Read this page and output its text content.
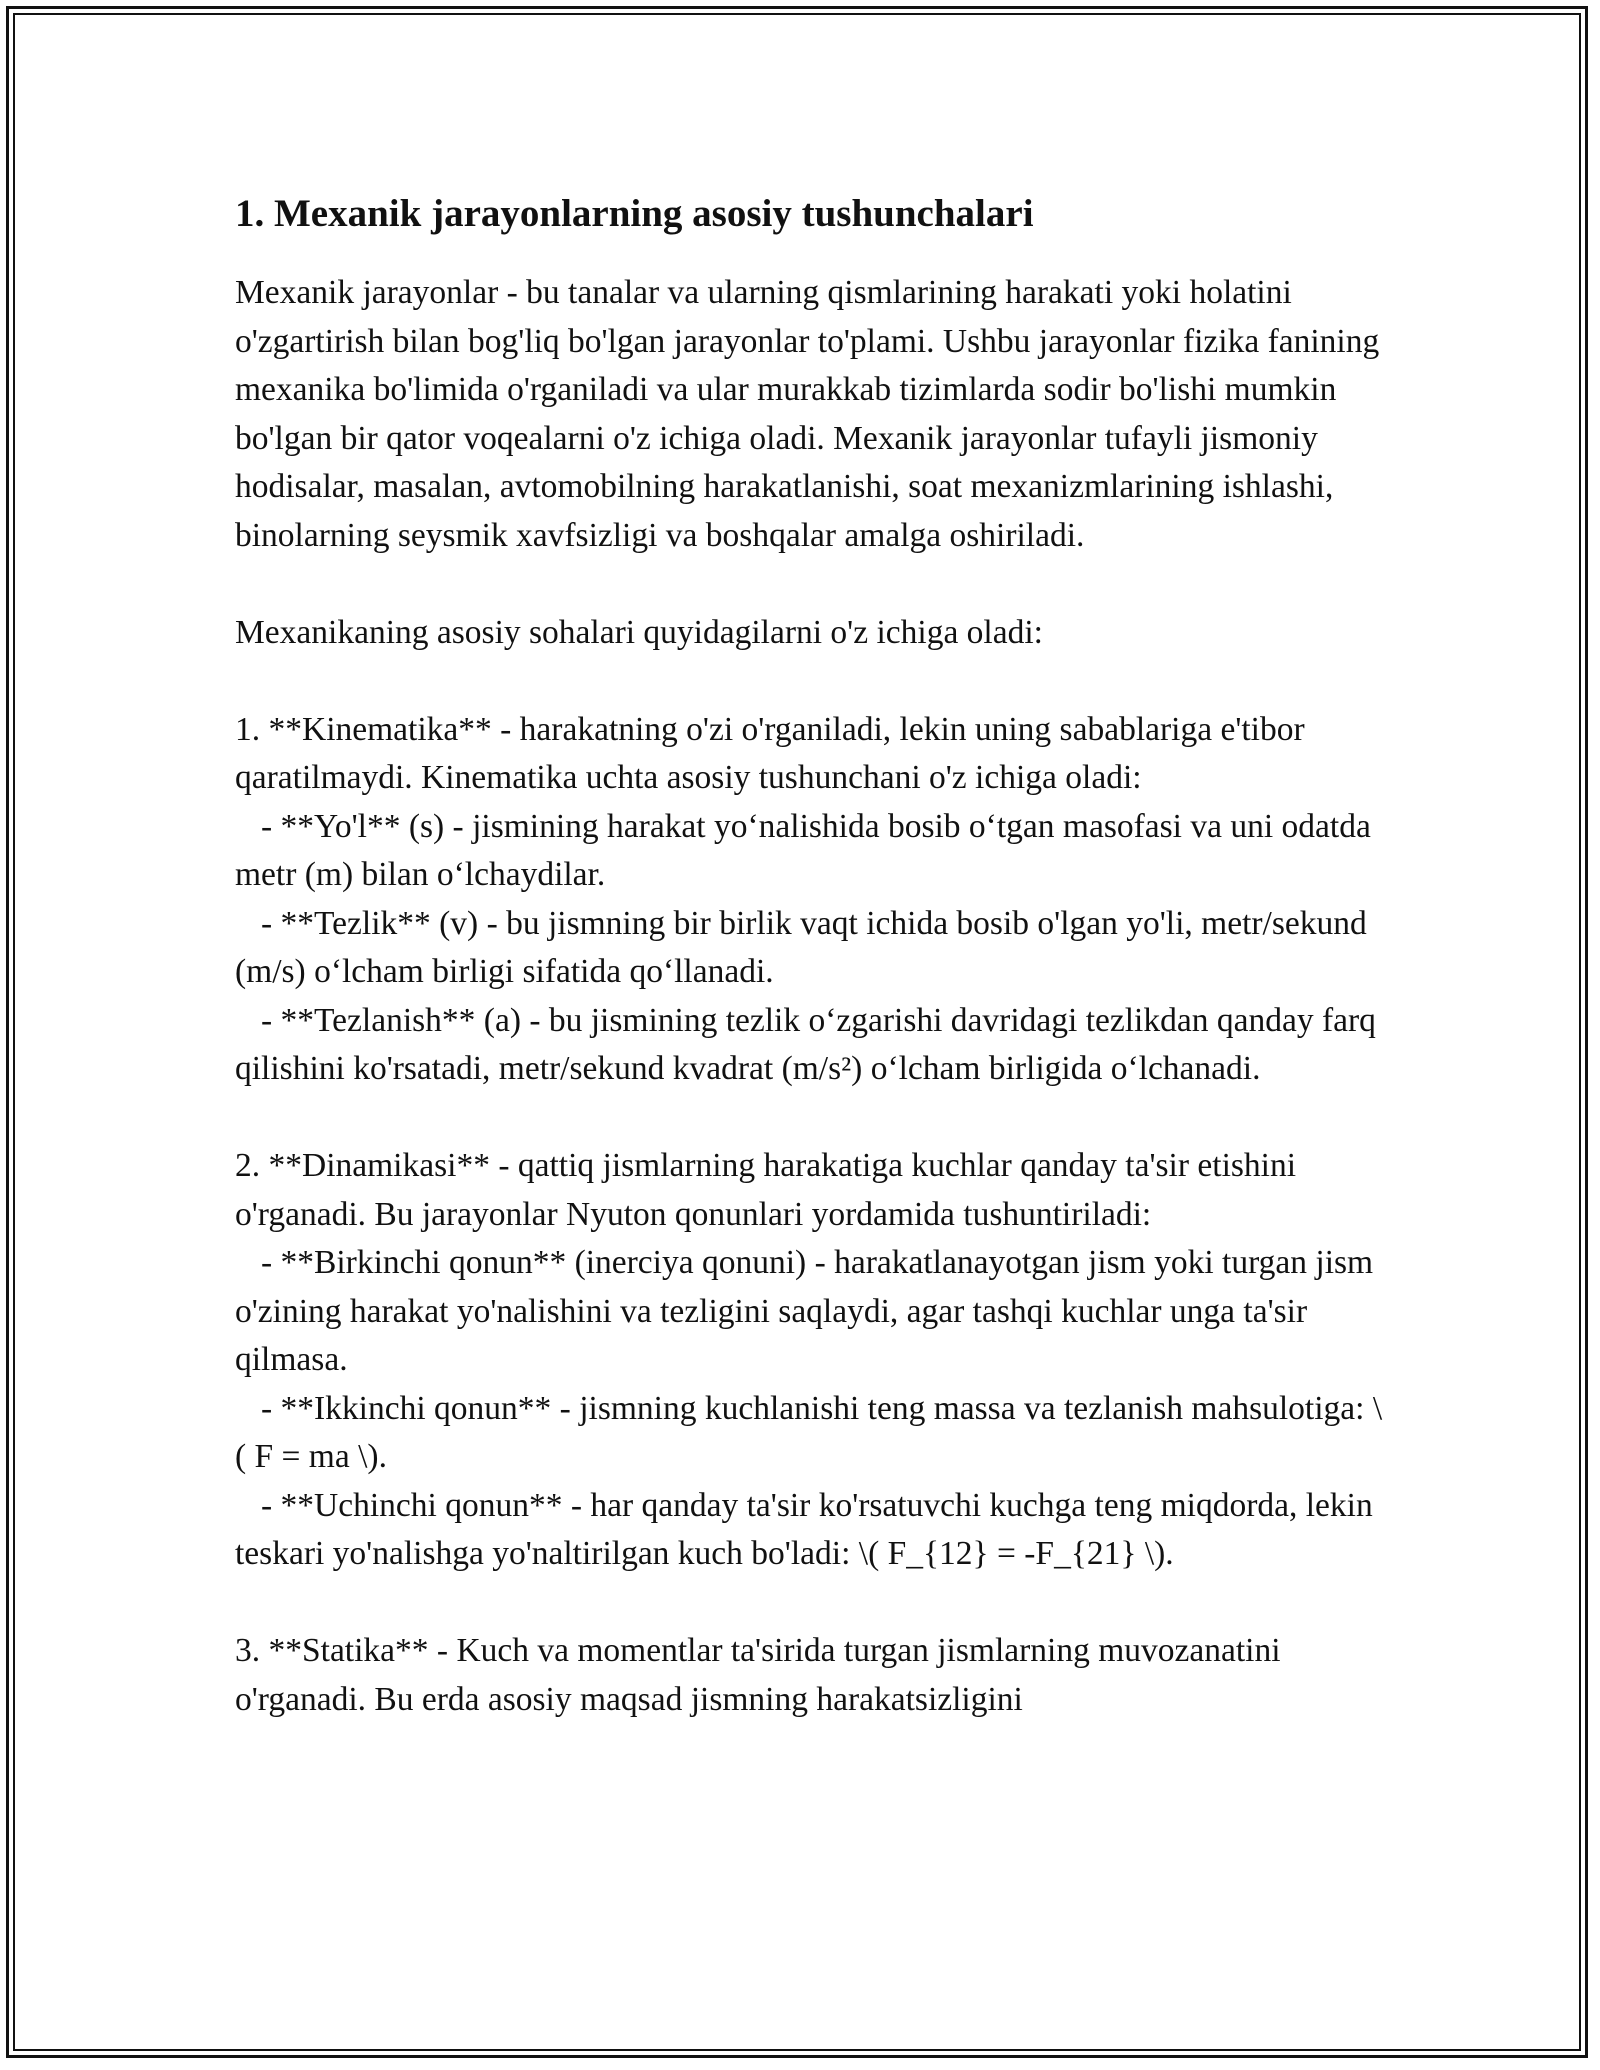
1. Mexanik jarayonlarning asosiy tushunchalari

Mexanik jarayonlar - bu tanalar va ularning qismlarining harakati yoki holatini o'zgartirish bilan bog'liq bo'lgan jarayonlar to'plami. Ushbu jarayonlar fizika fanining mexanika bo'limida o'rganiladi va ular murakkab tizimlarda sodir bo'lishi mumkin bo'lgan bir qator voqealarni o'z ichiga oladi. Mexanik jarayonlar tufayli jismoniy hodisalar, masalan, avtomobilning harakatlanishi, soat mexanizmlarining ishlashi, binolarning seysmik xavfsizligi va boshqalar amalga oshiriladi.

Mexanikaning asosiy sohalari quyidagilarni o'z ichiga oladi:

1. **Kinematika** - harakatning o'zi o'rganiladi, lekin uning sabablariga e'tibor qaratilmaydi. Kinematika uchta asosiy tushunchani o'z ichiga oladi:
- **Yo'l** (s) - jismining harakat yoʻnalishida bosib oʻtgan masofasi va uni odatda metr (m) bilan oʻlchaydilar.
- **Tezlik** (v) - bu jismning bir birlik vaqt ichida bosib o'lgan yo'li, metr/sekund (m/s) oʻlcham birligi sifatida qoʻllanadi.
- **Tezlanish** (a) - bu jismining tezlik oʻzgarishi davridagi tezlikdan qanday farq qilishini ko'rsatadi, metr/sekund kvadrat (m/s²) oʻlcham birligida oʻlchanadi.

2. **Dinamikasi** - qattiq jismlarning harakatiga kuchlar qanday ta'sir etishini o'rganadi. Bu jarayonlar Nyuton qonunlari yordamida tushuntiriladi:
- **Birkinchi qonun** (inerciya qonuni) - harakatlanayotgan jism yoki turgan jism o'zining harakat yo'nalishini va tezligini saqlaydi, agar tashqi kuchlar unga ta'sir qilmasa.
- **Ikkinchi qonun** - jismning kuchlanishi teng massa va tezlanish mahsulotiga: \( F = ma \).
- **Uchinchi qonun** - har qanday ta'sir ko'rsatuvchi kuchga teng miqdorda, lekin teskari yo'nalishga yo'naltirilgan kuch bo'ladi: \( F_{12} = -F_{21} \).

3. **Statika** - Kuch va momentlar ta'sirida turgan jismlarning muvozanatini o'rganadi. Bu erda asosiy maqsad jismning harakatsizligini
